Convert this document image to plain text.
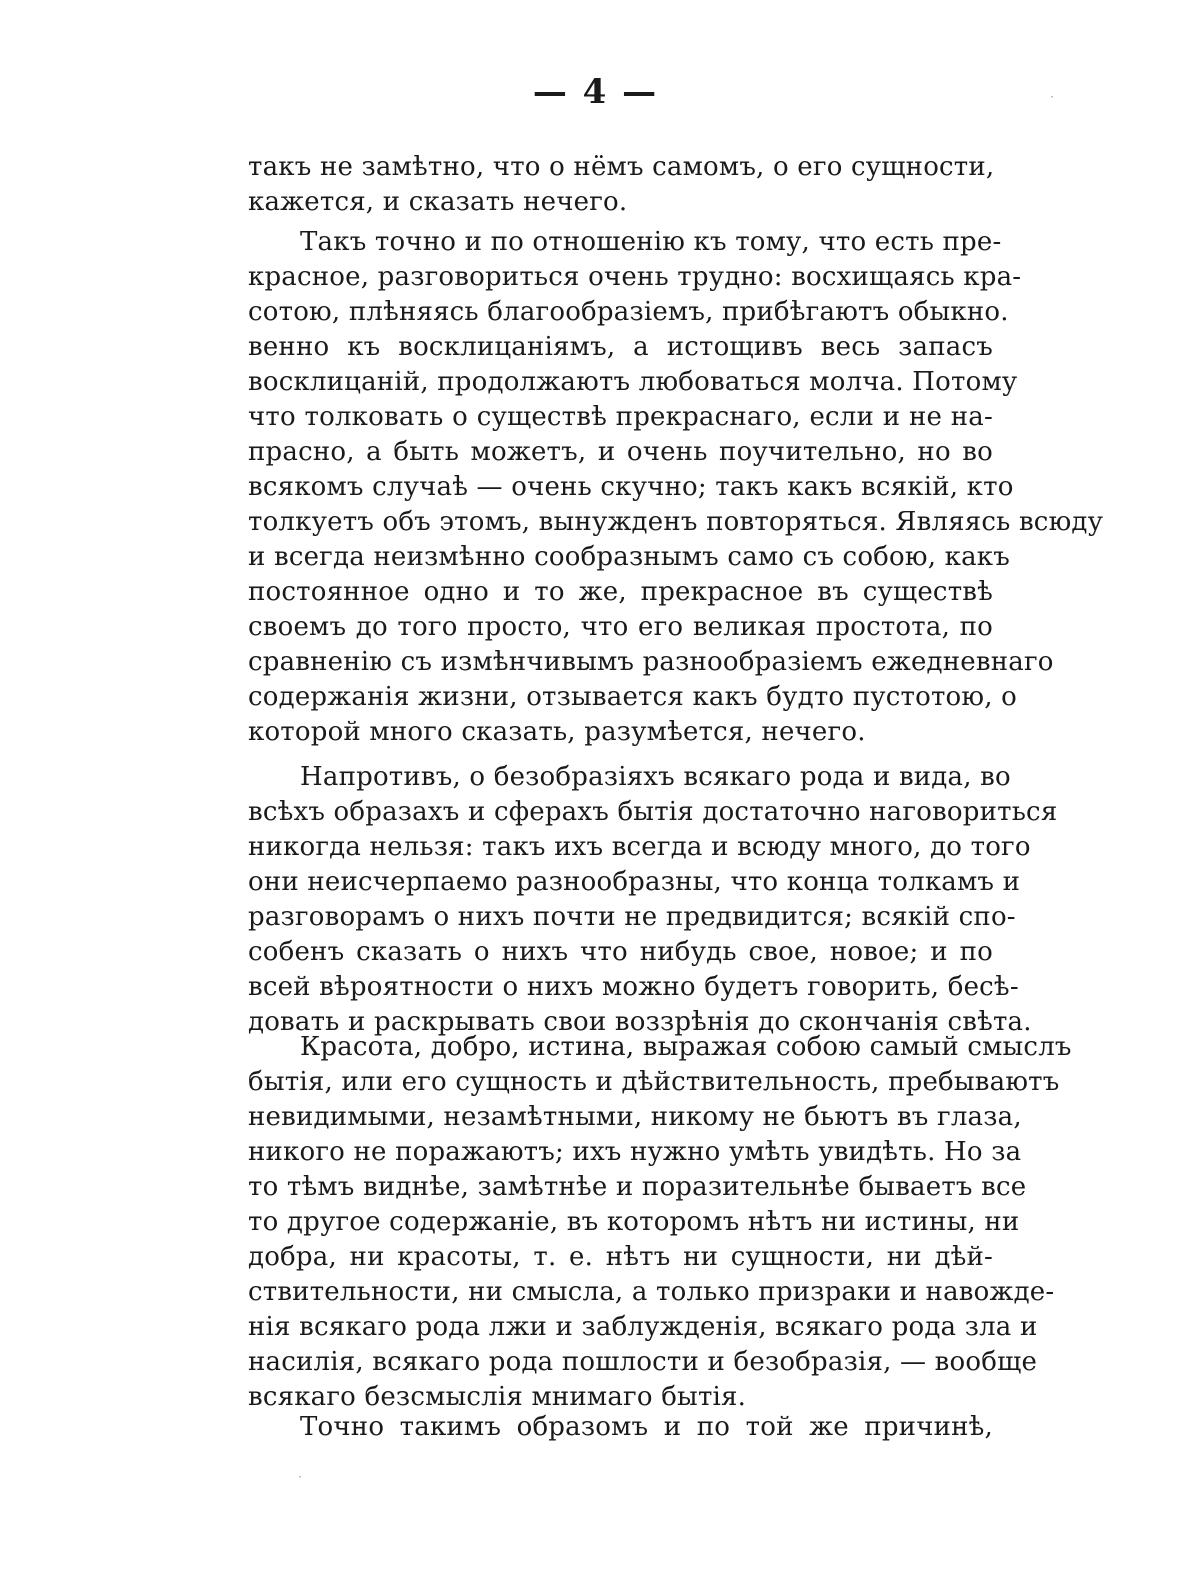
— 4 —
такъ не замѣтно, что о нёмъ самомъ, о его сущности,
кажется, и сказать нечего.
Такъ точно и по отношенію къ тому, что есть пре-
красное, разговориться очень трудно: восхищаясь кра-
сотою, плѣняясь благообразіемъ, прибѣгаютъ обыкно.
венно къ восклицаніямъ, а истощивъ весь запасъ
восклицаній, продолжаютъ любоваться молча. Потому
что толковать о существѣ прекраснаго, если и не на-
прасно, а быть можетъ, и очень поучительно, но во
всякомъ случаѣ — очень скучно; такъ какъ всякій, кто
толкуетъ объ этомъ, вынужденъ повторяться. Являясь всюду
и всегда неизмѣнно сообразнымъ само съ собою, какъ
постоянное одно и то же, прекрасное въ существѣ
своемъ до того просто, что его великая простота, по
сравненію съ измѣнчивымъ разнообразіемъ ежедневнаго
содержанія жизни, отзывается какъ будто пустотою, о
которой много сказать, разумѣется, нечего.
Напротивъ, о безобразіяхъ всякаго рода и вида, во
всѣхъ образахъ и сферахъ бытія достаточно наговориться
никогда нельзя: такъ ихъ всегда и всюду много, до того
они неисчерпаемо разнообразны, что конца толкамъ и
разговорамъ о нихъ почти не предвидится; всякій спо-
собенъ сказать о нихъ что нибудь свое, новое; и по
всей вѣроятности о нихъ можно будетъ говорить, бесѣ-
довать и раскрывать свои воззрѣнія до скончанія свѣта.
Красота, добро, истина, выражая собою самый смыслъ
бытія, или его сущность и дѣйствительность, пребываютъ
невидимыми, незамѣтными, никому не бьютъ въ глаза,
никого не поражаютъ; ихъ нужно умѣть увидѣть. Но за
то тѣмъ виднѣе, замѣтнѣе и поразительнѣе бываетъ все
то другое содержаніе, въ которомъ нѣтъ ни истины, ни
добра, ни красоты, т. е. нѣтъ ни сущности, ни дѣй-
ствительности, ни смысла, а только призраки и навожде-
нія всякаго рода лжи и заблужденія, всякаго рода зла и
насилія, всякаго рода пошлости и безобразія, — вообще
всякаго безсмыслія мнимаго бытія.
Точно такимъ образомъ и по той же причинѣ,
·
·
